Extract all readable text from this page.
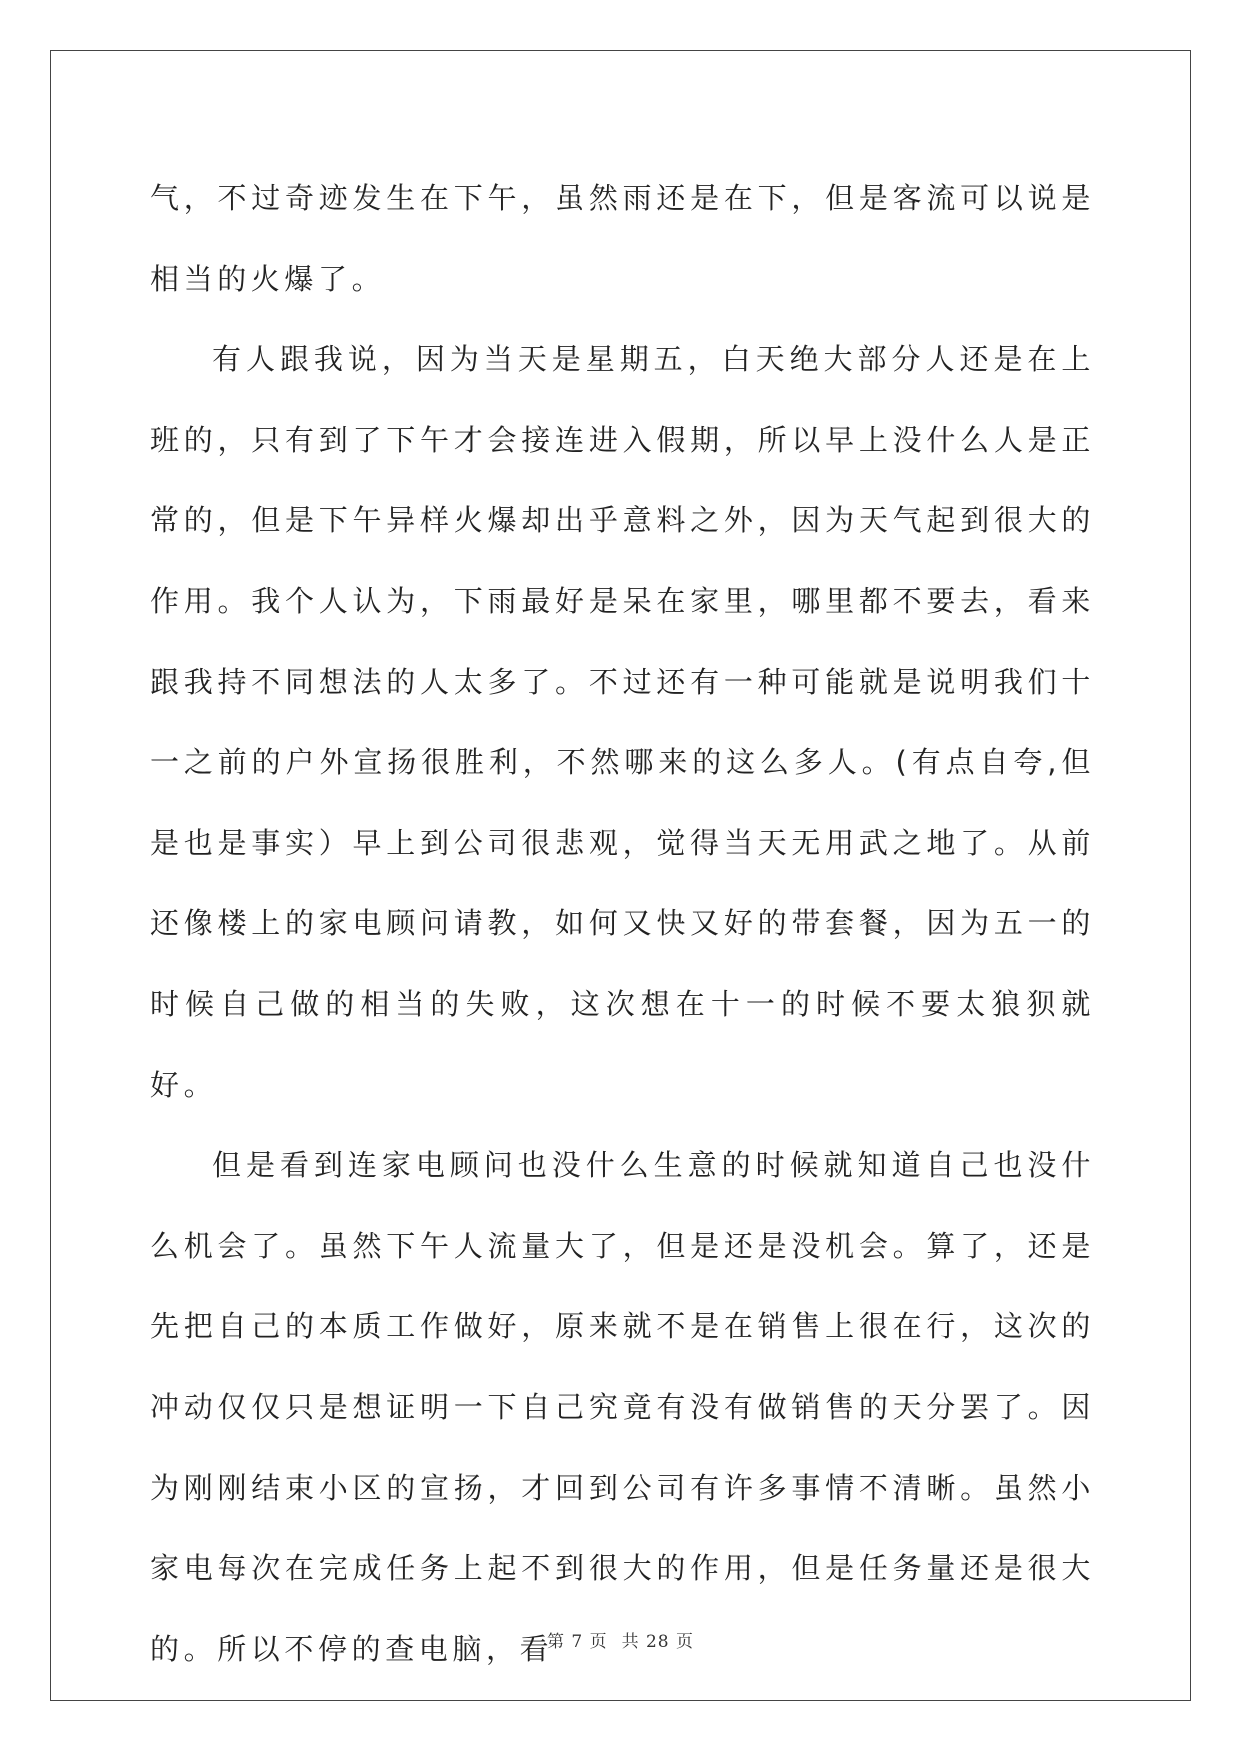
气，不过奇迹发生在下午，虽然雨还是在下，但是客流可以说是相当的火爆了。

有人跟我说，因为当天是星期五，白天绝大部分人还是在上班的，只有到了下午才会接连进入假期，所以早上没什么人是正常的，但是下午异样火爆却出乎意料之外，因为天气起到很大的作用。我个人认为，下雨最好是呆在家里，哪里都不要去，看来跟我持不同想法的人太多了。不过还有一种可能就是说明我们十一之前的户外宣扬很胜利，不然哪来的这么多人。(有点自夸,但是也是事实）早上到公司很悲观，觉得当天无用武之地了。从前还像楼上的家电顾问请教，如何又快又好的带套餐，因为五一的时候自己做的相当的失败，这次想在十一的时候不要太狼狈就好。

但是看到连家电顾问也没什么生意的时候就知道自己也没什么机会了。虽然下午人流量大了，但是还是没机会。算了，还是先把自己的本质工作做好，原来就不是在销售上很在行，这次的冲动仅仅只是想证明一下自己究竟有没有做销售的天分罢了。因为刚刚结束小区的宣扬，才回到公司有许多事情不清晰。虽然小家电每次在完成任务上起不到很大的作用，但是任务量还是很大的。所以不停的查电脑，看

第 7 页 共 28 页
